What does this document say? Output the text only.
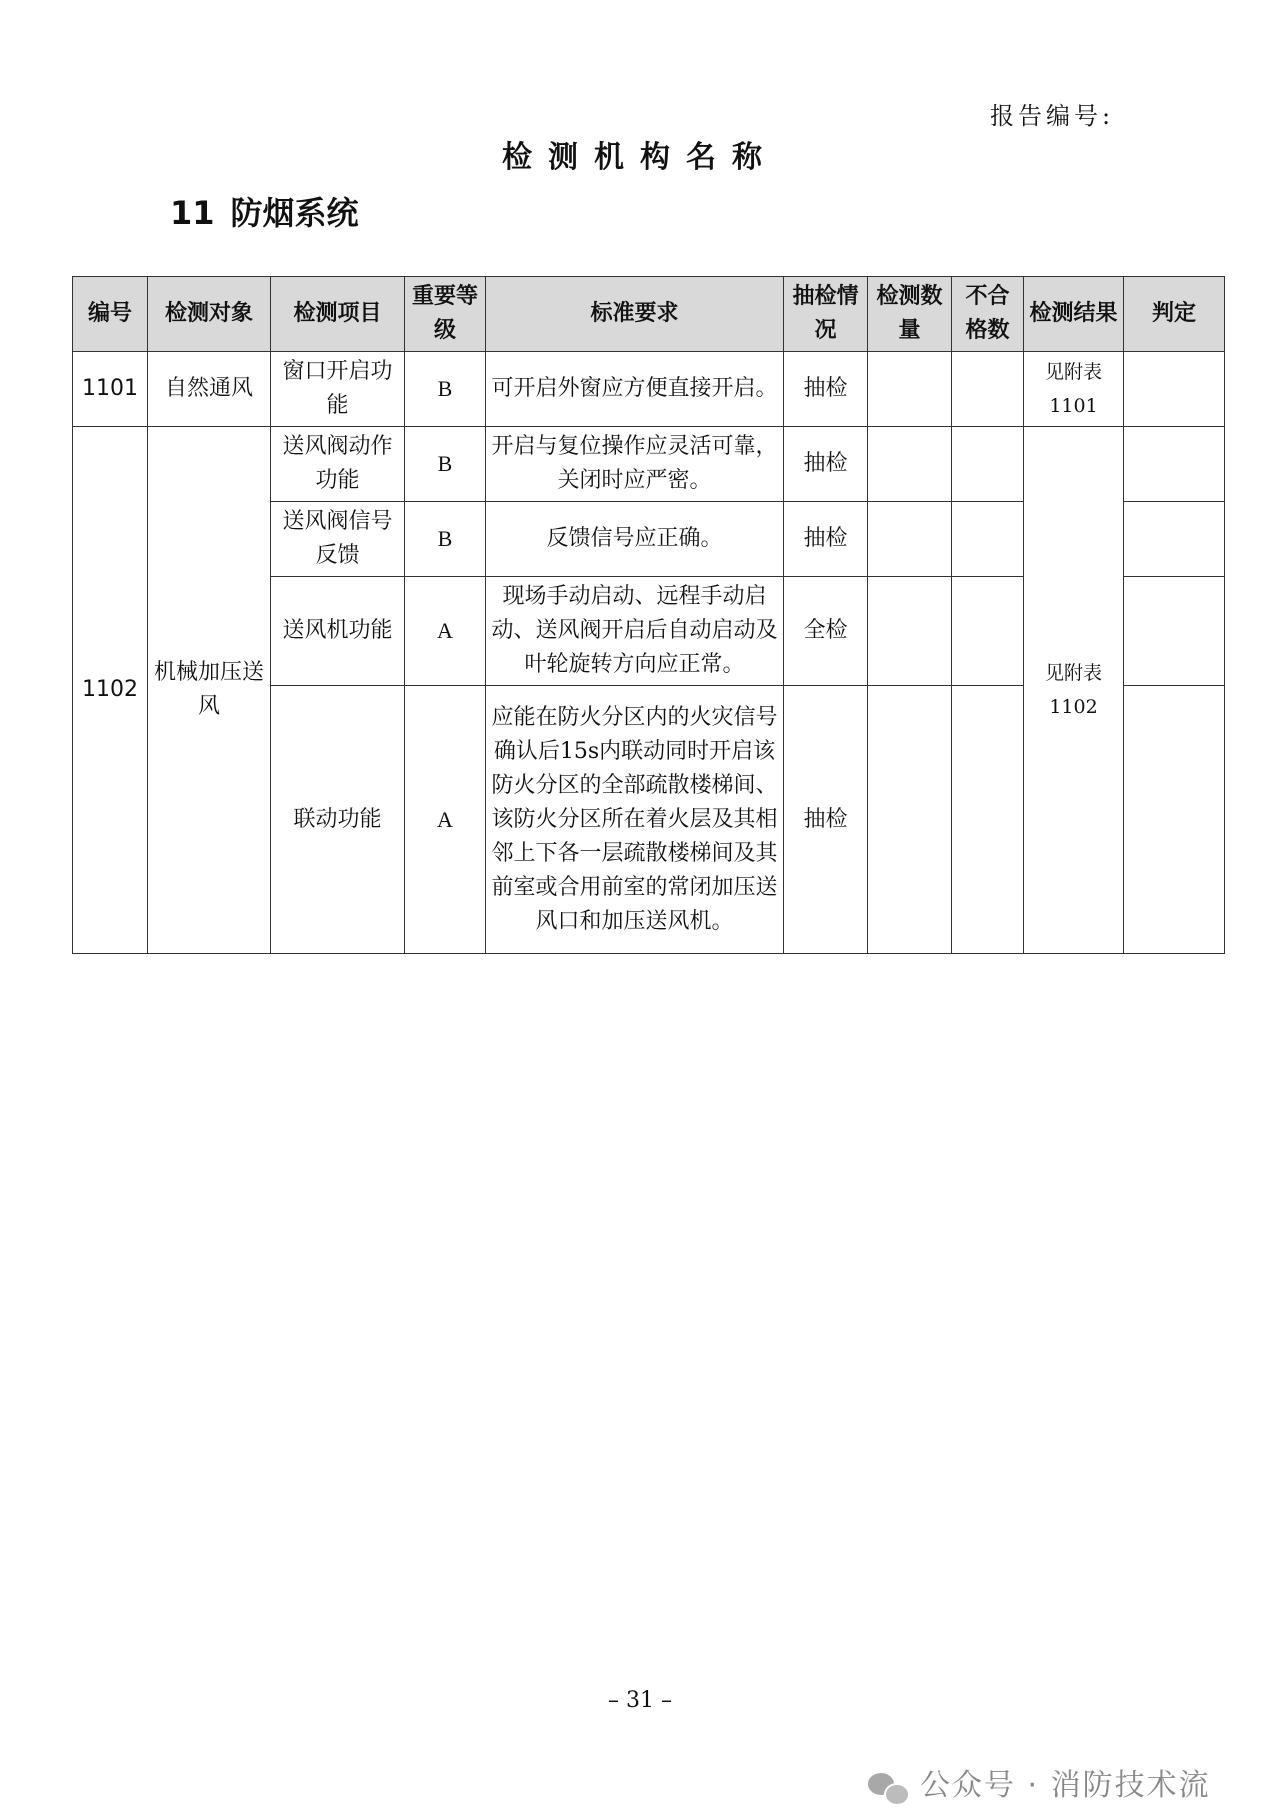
报告编号:
检测机构名称
11 防烟系统
编号	检测对象	检测项目	重要等级	标准要求	抽检情况	检测数量	不合格数	检测结果	判定
1101	自然通风	窗口开启功能	B	可开启外窗应方便直接开启。	抽检			见附表1101	
1102	机械加压送风	送风阀动作功能	B	开启与复位操作应灵活可靠，关闭时应严密。	抽检			见附表1102	
		送风阀信号反馈	B	反馈信号应正确。	抽检				
		送风机功能	A	现场手动启动、远程手动启动、送风阀开启后自动启动及叶轮旋转方向应正常。	全检				
		联动功能	A	应能在防火分区内的火灾信号确认后15s内联动同时开启该防火分区的全部疏散楼梯间、该防火分区所在着火层及其相邻上下各一层疏散楼梯间及其前室或合用前室的常闭加压送风口和加压送风机。	抽检				
– 31 –
公众号 · 消防技术流
